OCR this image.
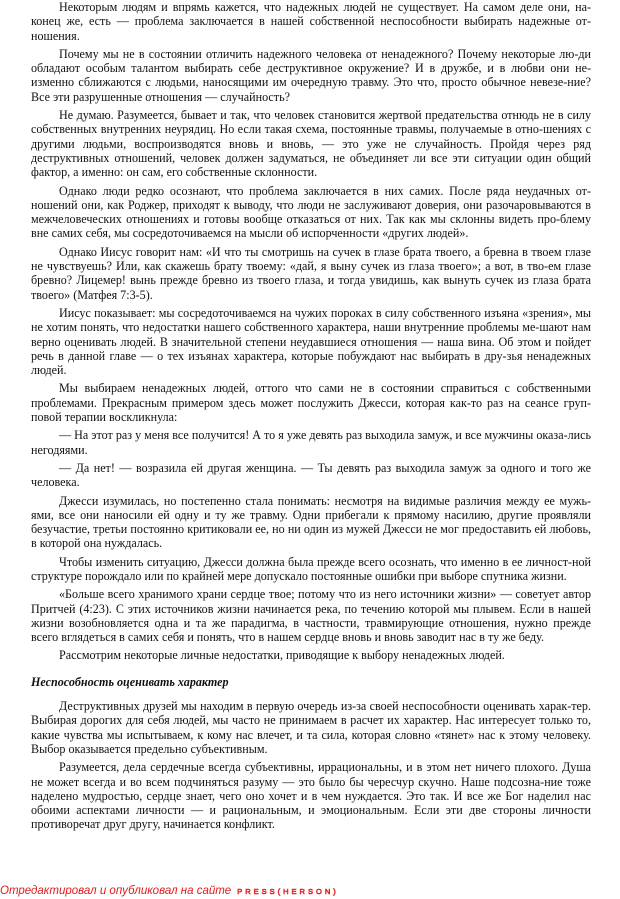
Некоторым людям и впрямь кажется, что надежных людей не существует. На самом деле они, на-конец же, есть — проблема заключается в нашей собственной неспособности выбирать надежные от-ношения.

Почему мы не в состоянии отличить надежного человека от ненадежного? Почему некоторые лю-ди обладают особым талантом выбирать себе деструктивное окружение? И в дружбе, и в любви они не-изменно сближаются с людьми, наносящими им очередную травму. Это что, просто обычное невезе-ние? Все эти разрушенные отношения — случайность?

Не думаю. Разумеется, бывает и так, что человек становится жертвой предательства отнюдь не в силу собственных внутренних неурядиц. Но если такая схема, постоянные травмы, получаемые в отно-шениях с другими людьми, воспроизводятся вновь и вновь, — это уже не случайность. Пройдя через ряд деструктивных отношений, человек должен задуматься, не объединяет ли все эти ситуации один общий фактор, а именно: он сам, его собственные склонности.

Однако люди редко осознают, что проблема заключается в них самих. После ряда неудачных от-ношений они, как Роджер, приходят к выводу, что люди не заслуживают доверия, они разочаровываются в межчеловеческих отношениях и готовы вообще отказаться от них. Так как мы склонны видеть про-блему вне самих себя, мы сосредоточиваемся на мысли об испорченности «других людей».

Однако Иисус говорит нам: «И что ты смотришь на сучек в глазе брата твоего, а бревна в твоем глазе не чувствуешь? Или, как скажешь брату твоему: «дай, я выну сучек из глаза твоего»; а вот, в тво-ем глазе бревно? Лицемер! вынь прежде бревно из твоего глаза, и тогда увидишь, как вынуть сучек из глаза брата твоего» (Матфея 7:3-5).

Иисус показывает: мы сосредоточиваемся на чужих пороках в силу собственного изъяна «зрения», мы не хотим понять, что недостатки нашего собственного характера, наши внутренние проблемы ме-шают нам верно оценивать людей. В значительной степени неудавшиеся отношения — наша вина. Об этом и пойдет речь в данной главе — о тех изъянах характера, которые побуждают нас выбирать в дру-зья ненадежных людей.

Мы выбираем ненадежных людей, оттого что сами не в состоянии справиться с собственными проблемами. Прекрасным примером здесь может послужить Джесси, которая как-то раз на сеансе груп-повой терапии воскликнула:

— На этот раз у меня все получится! А то я уже девять раз выходила замуж, и все мужчины оказа-лись негодяями.

— Да нет! — возразила ей другая женщина. — Ты девять раз выходила замуж за одного и того же человека.

Джесси изумилась, но постепенно стала понимать: несмотря на видимые различия между ее мужь-ями, все они наносили ей одну и ту же травму. Одни прибегали к прямому насилию, другие проявляли безучастие, третьи постоянно критиковали ее, но ни один из мужей Джесси не мог предоставить ей любовь, в которой она нуждалась.

Чтобы изменить ситуацию, Джесси должна была прежде всего осознать, что именно в ее личност-ной структуре порождало или по крайней мере допускало постоянные ошибки при выборе спутника жизни.

«Больше всего хранимого храни сердце твое; потому что из него источники жизни» — советует автор Притчей (4:23). С этих источников жизни начинается река, по течению которой мы плывем. Если в нашей жизни возобновляется одна и та же парадигма, в частности, травмирующие отношения, нужно прежде всего вглядеться в самих себя и понять, что в нашем сердце вновь и вновь заводит нас в ту же беду.

Рассмотрим некоторые личные недостатки, приводящие к выбору ненадежных людей.

Неспособность оценивать характер

Деструктивных друзей мы находим в первую очередь из-за своей неспособности оценивать харак-тер. Выбирая дорогих для себя людей, мы часто не принимаем в расчет их характер. Нас интересует только то, какие чувства мы испытываем, к кому нас влечет, и та сила, которая словно «тянет» нас к этому человеку. Выбор оказывается предельно субъективным.

Разумеется, дела сердечные всегда субъективны, иррациональны, и в этом нет ничего плохого. Душа не может всегда и во всем подчиняться разуму — это было бы чересчур скучно. Наше подсозна-ние тоже наделено мудростью, сердце знает, чего оно хочет и в чем нуждается. Это так. И все же Бог наделил нас обоими аспектами личности — и рациональным, и эмоциональным. Если эти две стороны личности противоречат друг другу, начинается конфликт.

Отредактировал и опубликовал на сайте PRESS(HERSON)
